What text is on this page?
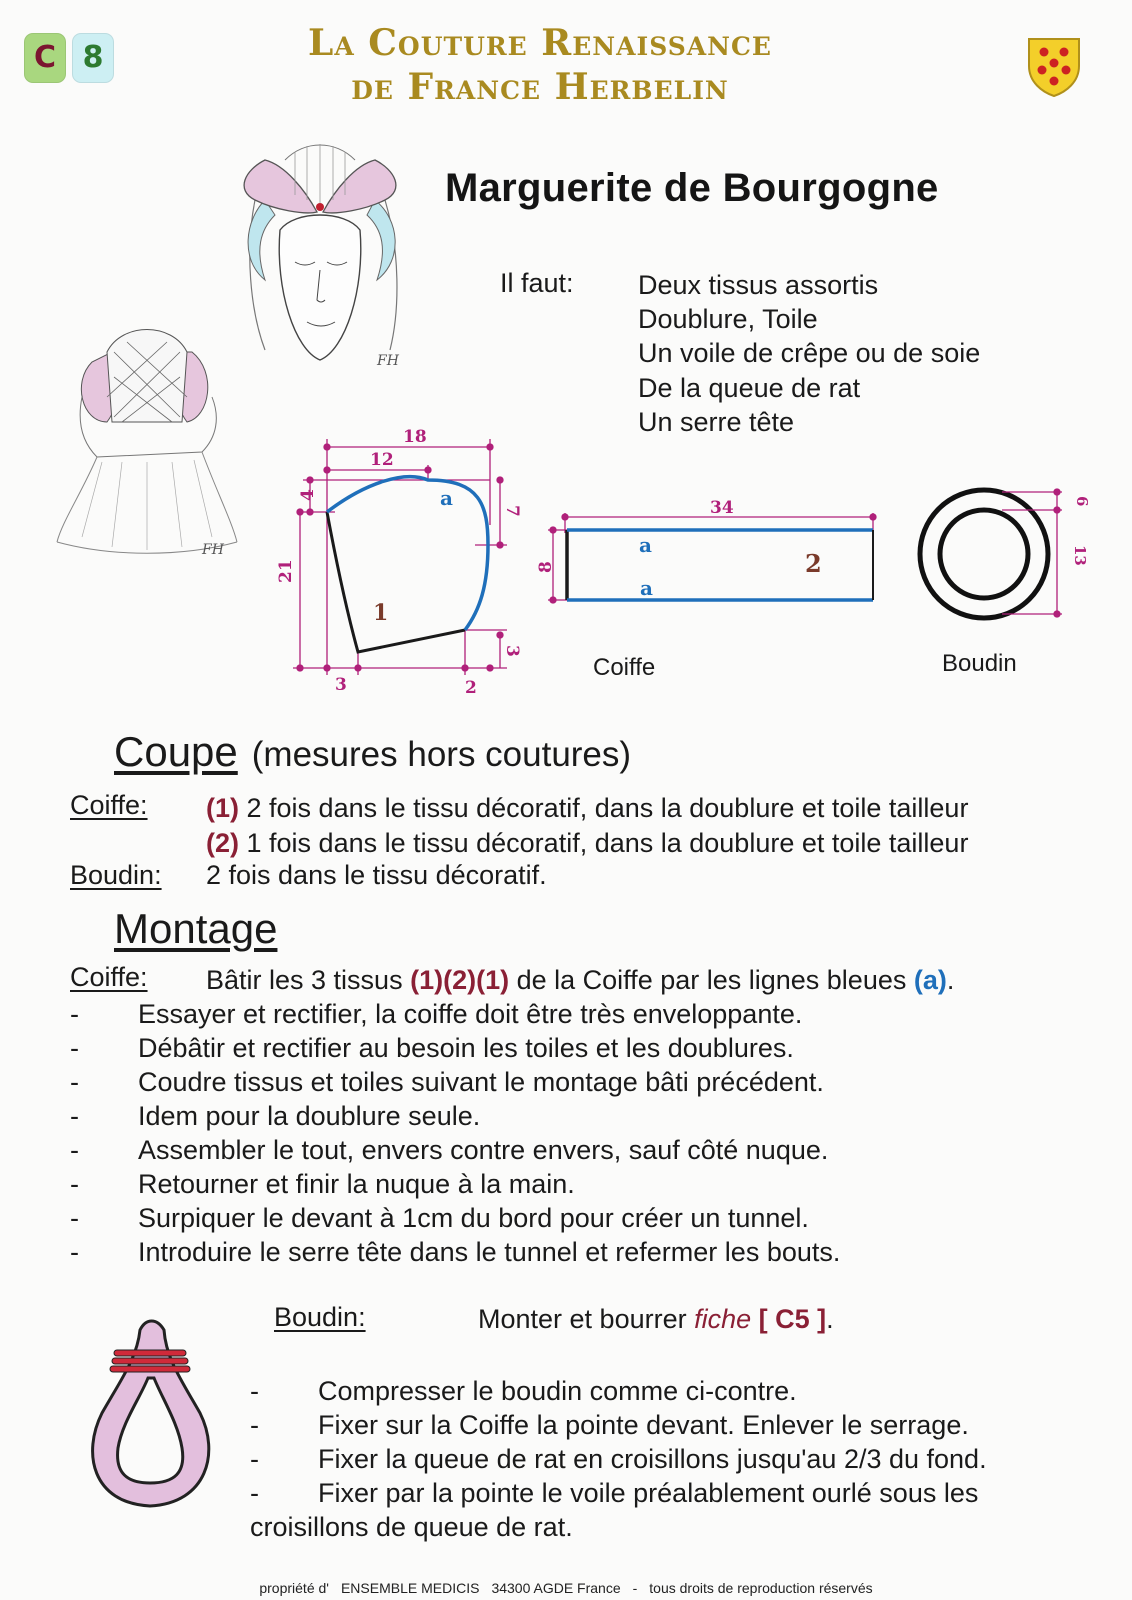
C 8	La Couture Renaissance
de France Herbelin
FH
FH
Marguerite de Bourgogne
Il faut: Deux tissus assortis
Doublure, Toile
Un voile de crêpe ou de soie
De la queue de rat
Un serre tête
18
12
4
7
21
3
3	2
a
1
34
8
a
a
2
Coiffe
6
13
Boudin
Coupe (mesures hors coutures)
Coiffe: (1) 2 fois dans le tissu décoratif, dans la doublure et toile tailleur
(2) 1 fois dans le tissu décoratif, dans la doublure et toile tailleur
Boudin: 2 fois dans le tissu décoratif.
Montage
Coiffe: Bâtir les 3 tissus (1)(2)(1) de la Coiffe par les lignes bleues (a).
- Essayer et rectifier, la coiffe doit être très enveloppante.
- Débâtir et rectifier au besoin les toiles et les doublures.
- Coudre tissus et toiles suivant le montage bâti précédent.
- Idem pour la doublure seule.
- Assembler le tout, envers contre envers, sauf côté nuque.
- Retourner et finir la nuque à la main.
- Surpiquer le devant à 1cm du bord pour créer un tunnel.
- Introduire le serre tête dans le tunnel et refermer les bouts.
Boudin:	Monter et bourrer fiche [ C5 ].
- Compresser le boudin comme ci-contre.
- Fixer sur la Coiffe la pointe devant. Enlever le serrage.
- Fixer la queue de rat en croisillons jusqu'au 2/3 du fond.
- Fixer par la pointe le voile préalablement ourlé sous les
croisillons de queue de rat.
propriété d' ENSEMBLE MEDICIS 34300 AGDE France - tous droits de reproduction réservés
